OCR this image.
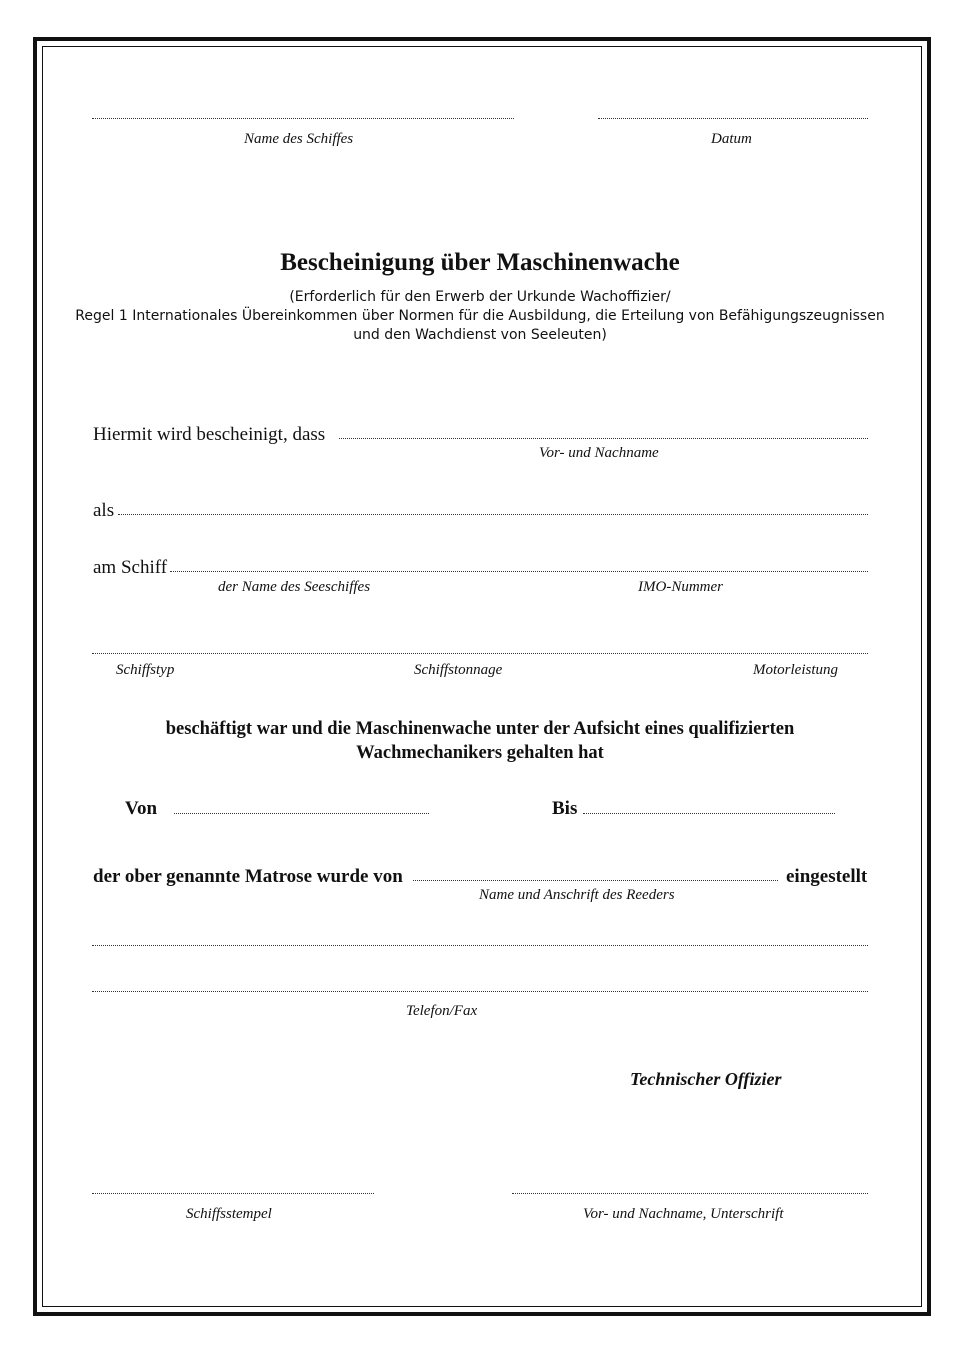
Name des Schiffes	Datum
Bescheinigung über Maschinenwache
(Erforderlich für den Erwerb der Urkunde Wachoffizier/
Regel 1 Internationales Übereinkommen über Normen für die Ausbildung, die Erteilung von Befähigungszeugnissen
und den Wachdienst von Seeleuten)
Hiermit wird bescheinigt, dass
Vor- und Nachname
als
am Schiff
der Name des Seeschiffes	IMO-Nummer
Schiffstyp	Schiffstonnage	Motorleistung
beschäftigt war und die Maschinenwache unter der Aufsicht eines qualifizierten
Wachmechanikers gehalten hat
Von	Bis
der ober genannte Matrose wurde von	eingestellt
Name und Anschrift des Reeders
Telefon/Fax
Technischer Offizier
Schiffsstempel	Vor- und Nachname, Unterschrift
